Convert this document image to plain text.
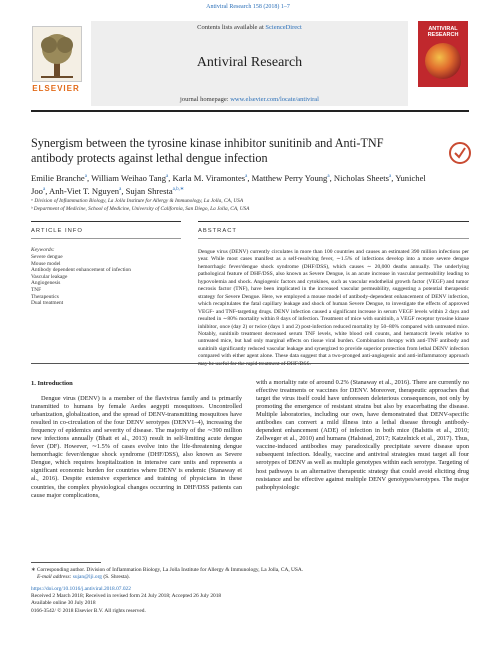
Antiviral Research 158 (2018) 1–7
ELSEVIER
Contents lists available at ScienceDirect
Antiviral Research
journal homepage: www.elsevier.com/locate/antiviral
ANTIVIRAL RESEARCH
Synergism between the tyrosine kinase inhibitor sunitinib and Anti-TNF antibody protects against lethal dengue infection
Emilie Branche$^a$, William Weihao Tang$^a$, Karla M. Viramontes$^a$, Matthew Perry Young$^a$, Nicholas Sheets$^a$, Yunichel Joo$^a$, Anh-Viet T. Nguyen$^a$, Sujan Shresta$^{a,b,∗}$
ᵃ Division of Inflammation Biology, La Jolla Institute for Allergy & Immunology, La Jolla, CA, USA
ᵇ Department of Medicine, School of Medicine, University of California, San Diego, La Jolla, CA, USA
ARTICLE INFO	ABSTRACT
Keywords:
Severe dengue
Mouse model
Antibody dependent enhancement of infection
Vascular leakage
Angiogenesis
TNF
Therapeutics
Dual treatment
Dengue virus (DENV) currently circulates in more than 100 countries and causes an estimated 390 million infections per year. While most cases manifest as a self-resolving fever, ∼1.5% of infections develop into a more severe dengue hemorrhagic fever/dengue shock syndrome (DHF/DSS), which causes ∼ 20,000 deaths annually. The underlying pathological feature of DHF/DSS, also known as Severe Dengue, is an acute increase in vascular permeability leading to hypovolemia and shock. Angiogenic factors and cytokines, such as vascular endothelial growth factor (VEGF) and tumor necrosis factor (TNF), have been implicated in the increased vascular permeability, suggesting a potential therapeutic strategy for Severe Dengue. Here, we employed a mouse model of antibody-dependent enhancement of DENV infection, which recapitulates the fatal capillary leakage and shock of human Severe Dengue, to investigate the effects of approved VEGF- and TNF-targeting drugs. DENV infection caused a significant increase in serum VEGF levels within 2 days and resulted in ∼80% mortality within 8 days of infection. Treatment of mice with sunitinib, a VEGF receptor tyrosine kinase inhibitor, once (day 2) or twice (days 1 and 2) post-infection reduced mortality by 50–80% compared with untreated mice. Notably, sunitinib treatment decreased serum TNF levels, white blood cell counts, and hematocrit levels relative to untreated mice, but had only marginal effects on tissue viral burden. Combination therapy with anti-TNF antibody and sunitinib significantly reduced vascular leakage and synergized to provide superior protection from lethal DENV infection compared with either agent alone. These data suggest that a two-pronged anti-angiogenic and anti-inflammatory approach
1. Introduction
Dengue virus (DENV) is a member of the flavivirus family and is primarily transmitted to humans by female Aedes aegypti mosquitoes. Uncontrolled urbanization, globalization, and the spread of DENV-transmitting mosquitoes have resulted in co-circulation of the four DENV serotypes (DENV1–4), increasing the frequency of epidemics and severity of disease. The majority of the ∼390 million new infections annually (Bhatt et al., 2013) result in self-limiting acute dengue fever (DF). However, ∼1.5% of cases evolve into the life-threatening dengue hemorrhagic fever/dengue shock syndrome (DHF/DSS), also known as Severe Dengue, which requires hospitalization in intensive care units and represents a significant economic burden for countries where DENV is endemic (Stanaway et al., 2016). Despite extensive experience and training of physicians in these countries, the complex physiological changes occurring in DHF/DSS patients can cause major complications,
with a mortality rate of around 0.2% (Stanaway et al., 2016). There are currently no effective treatments or vaccines for DENV. Moreover, therapeutic approaches that target the virus itself could have unforeseen deleterious consequences, not only by promoting the emergence of resistant strains but also by exacerbating the disease. Multiple laboratories, including our own, have demonstrated that DENV-specific antibodies can convert a mild illness into a lethal disease through antibody-dependent enhancement (ADE) of infection in both mice (Balsitis et al., 2010; Zellweger et al., 2010) and humans (Halstead, 2017; Katzelnick et al., 2017). Thus, vaccine-induced antibodies may paradoxically precipitate severe disease upon subsequent infection. Ideally, vaccine and antiviral strategies must target all four serotypes of DENV as well as multiple genotypes within each serotype. Targeting of host pathways is an alternative therapeutic strategy that could avoid eliciting drug resistance and be effective against multiple DENV genotypes/serotypes. The major pathophysiologic
∗ Corresponding author. Division of Inflammation Biology, La Jolla Institute for Allergy & Immunology, La Jolla, CA, USA.
E-mail address: sujan@lji.org (S. Shresta).
https://doi.org/10.1016/j.antiviral.2018.07.022
Received 2 March 2018; Received in revised form 24 July 2018; Accepted 26 July 2018
Available online 30 July 2018
0166-3542/ © 2018 Elsevier B.V. All rights reserved.
